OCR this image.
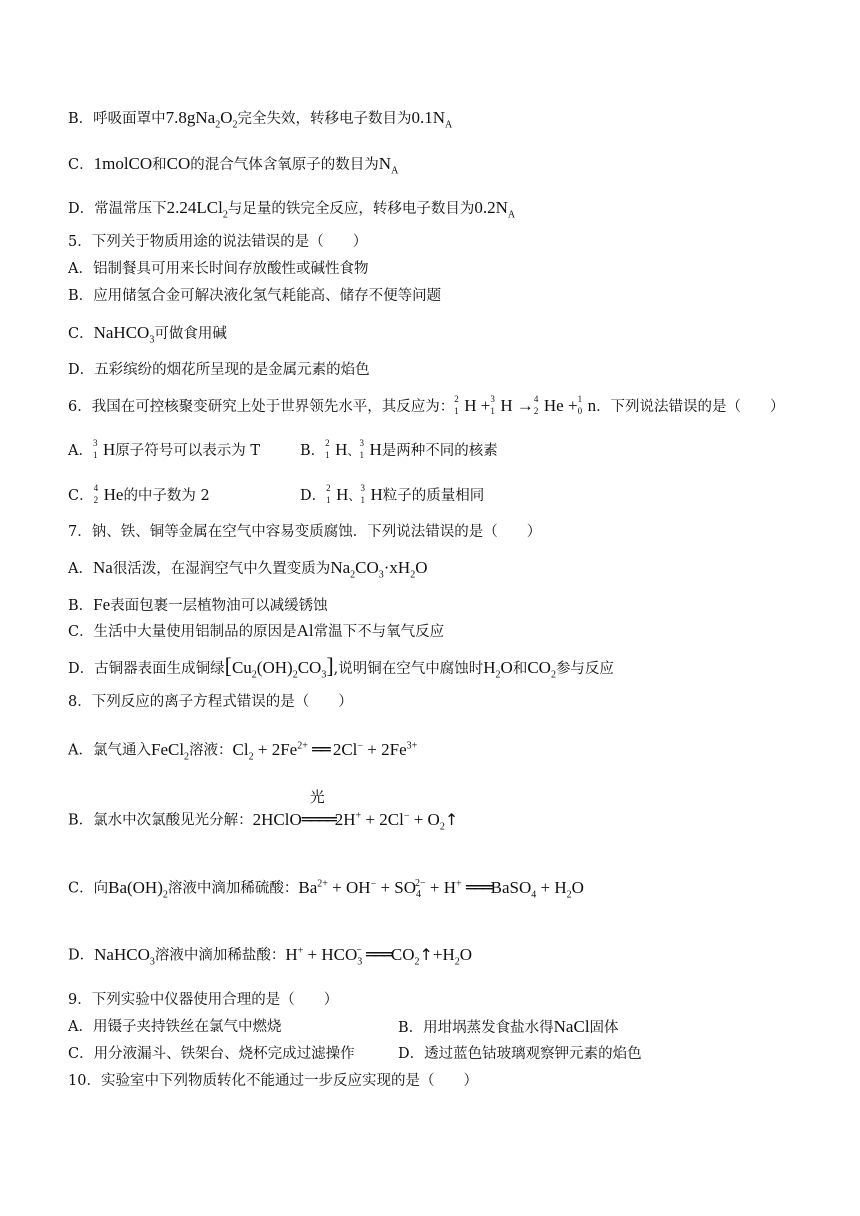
B．呼吸面罩中$7.8gNa_2O_2$完全失效，转移电子数目为$0.1N_A$
C．1molCO和CO的混合气体含氧原子的数目为$N_A$
D．常温常压下2.24LCl$_2$与足量的铁完全反应，转移电子数目为$0.2N_A$
5．下列关于物质用途的说法错误的是（　　）
A．铝制餐具可用来长时间存放酸性或碱性食物
B．应用储氢合金可解决液化氢气耗能高、储存不便等问题
C．NaHCO$_3$可做食用碱
D．五彩缤纷的烟花所呈现的是金属元素的焰色
6．我国在可控核聚变研究上处于世界领先水平，其反应为： 2
1 H + 3
1 H → 4
2 He + 1
0 n．下列说法错误的是（　　）
A． 3
1 H原子符号可以表示为 T	B． 2
1 H、
3
1 H是两种不同的核素
C． 4
2 He的中子数为 2	D． 2
1 H、
3
1 H粒子的质量相同
7．钠、铁、铜等金属在空气中容易变质腐蚀．下列说法错误的是（　　）
A．Na很活泼，在湿润空气中久置变质为$Na_2CO_3\cdot xH_2O$
B．Fe表面包裹一层植物油可以减缓锈蚀
C．生活中大量使用铝制品的原因是Al常温下不与氧气反应
D．古铜器表面生成铜绿$[Cu_2(OH)_2CO_3]$,说明铜在空气中腐蚀时$H_2O$和$CO_2$参与反应
8．下列反应的离子方程式错误的是（　　）
A．氯气通入FeCl$_2$溶液：$Cl_2 + 2Fe^{2+}$ ══ $2Cl^- + 2Fe^{3+}$
B．氯水中次氯酸见光分解：2HClO
光
════2H+ + $2Cl^- + O_2↑$
C．向$Ba(OH)_2$溶液中滴加稀硫酸：$Ba^{2+} + OH^- + SO_4^{2-} + H^+$ ═══BaSO$_4$ + $H_2O$
D．NaHCO$_3$溶液中滴加稀盐酸：$H^+ + HCO_3^-$ $═══CO_2↑+H_2O$
9．下列实验中仪器使用合理的是（　　）
A．用镊子夹持铁丝在氯气中燃烧	B．用坩埚蒸发食盐水得NaCl固体
C．用分液漏斗、铁架台、烧杯完成过滤操作	D．透过蓝色钴玻璃观察钾元素的焰色
10．实验室中下列物质转化不能通过一步反应实现的是（　　）
